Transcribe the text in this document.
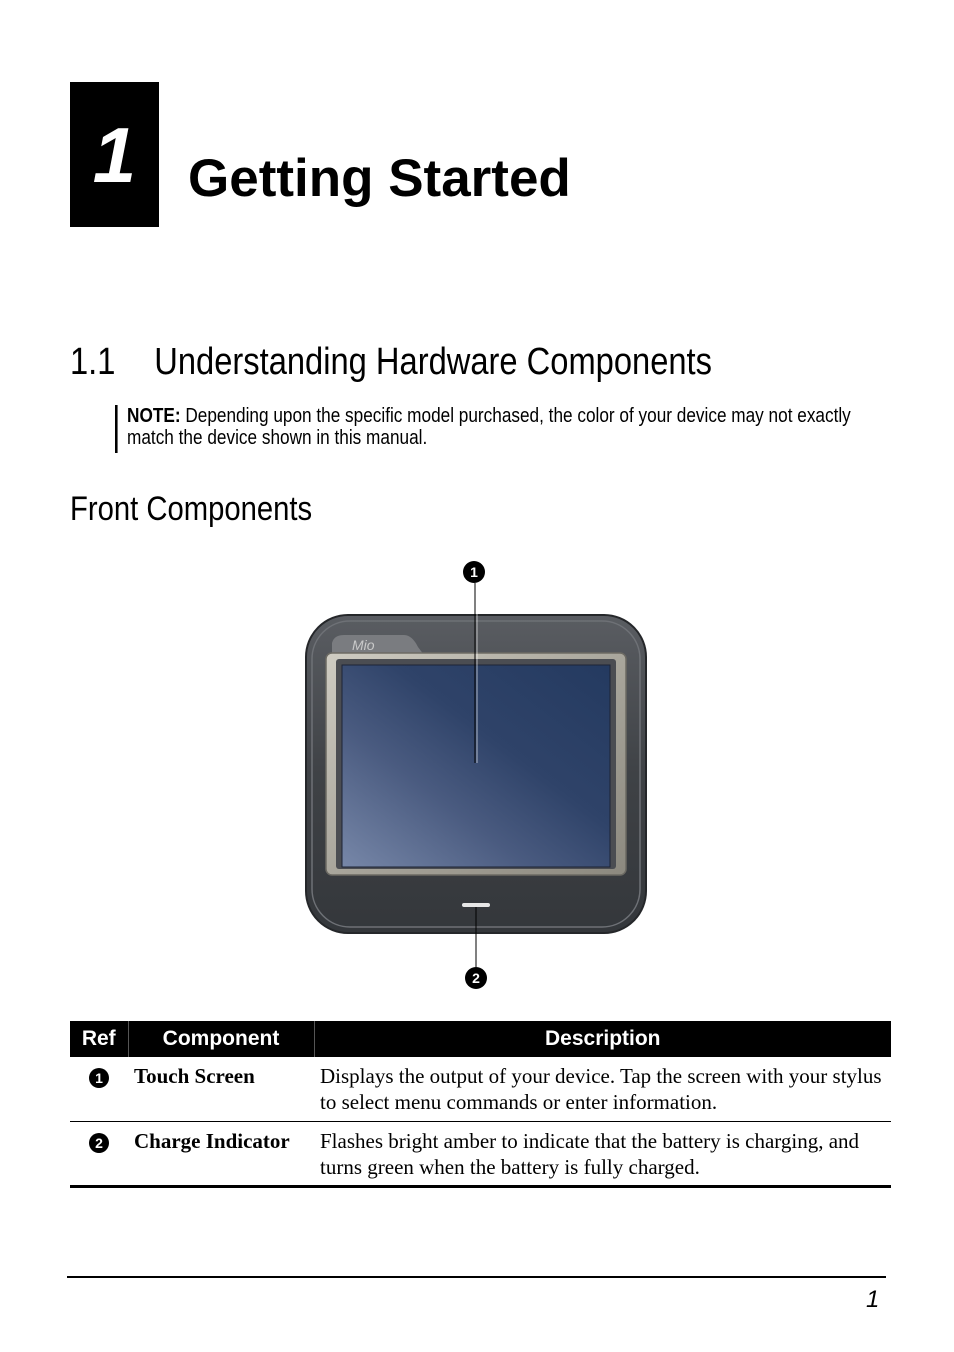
1 Getting Started
1.1 Understanding Hardware Components
NOTE: Depending upon the specific model purchased, the color of your device may not exactly match the device shown in this manual.
Front Components
Mio
1
2
Ref	Component	Description
1	Touch Screen	Displays the output of your device. Tap the screen with your stylus to select menu commands or enter information.
2	Charge Indicator	Flashes bright amber to indicate that the battery is charging, and turns green when the battery is fully charged.
1
